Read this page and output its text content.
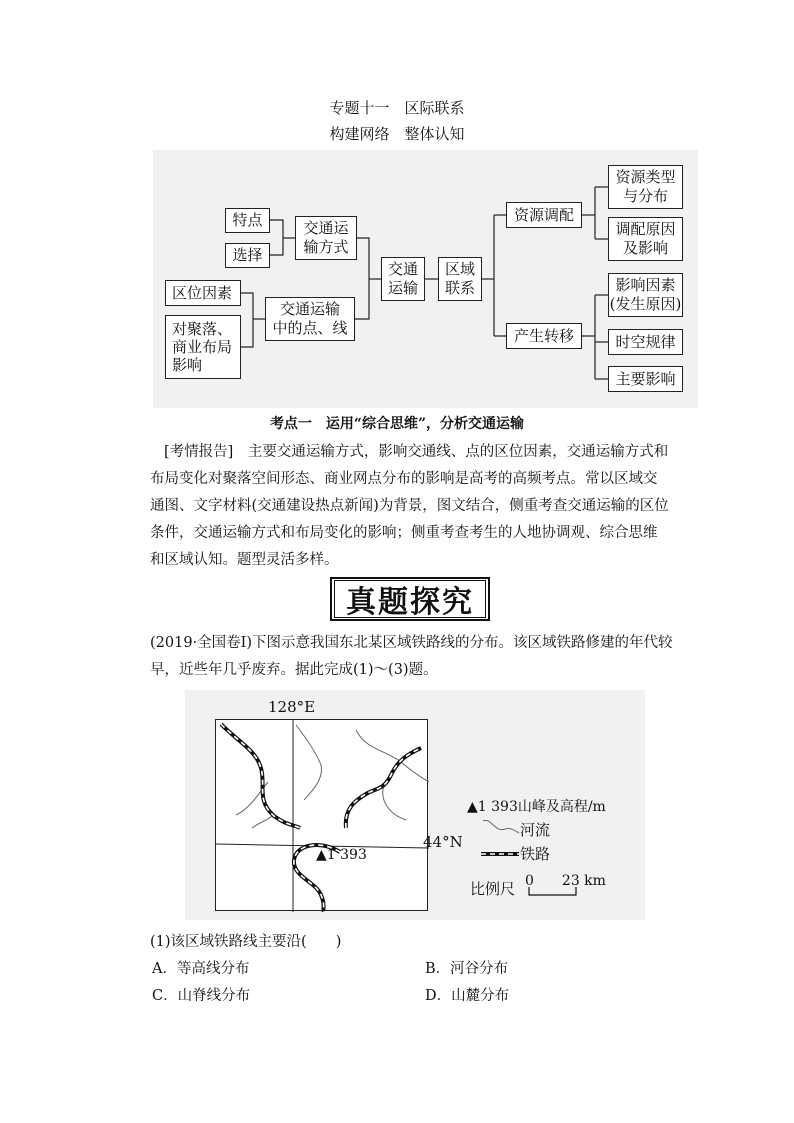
专题十一　区际联系
构建网络　整体认知
特点
选择
交通运
输方式
区位因素
对聚落、
商业布局
影响
交通运输
中的点、线
交通
运输
区域
联系
资源调配
产生转移
资源类型
与分布
调配原因
及影响
影响因素
(发生原因)
时空规律
主要影响
考点一　运用“综合思维”，分析交通运输
[考情报告]　主要交通运输方式，影响交通线、点的区位因素，交通运输方式和布局变化对聚落空间形态、商业网点分布的影响是高考的高频考点。常以区域交通图、文字材料(交通建设热点新闻)为背景，图文结合，侧重考查交通运输的区位条件，交通运输方式和布局变化的影响；侧重考查考生的人地协调观、综合思维和区域认知。题型灵活多样。
真题探究
(2019·全国卷Ⅰ)下图示意我国东北某区域铁路线的分布。该区域铁路修建的年代较早，近些年几乎废弃。据此完成(1)～(3)题。
128°E
▲1 393
44°N
▲1 393山峰及高程/m
河流
铁路
比例尺 0　　23 km
(1)该区域铁路线主要沿(　　)
A．等高线分布	B．河谷分布
C．山脊线分布	D．山麓分布
